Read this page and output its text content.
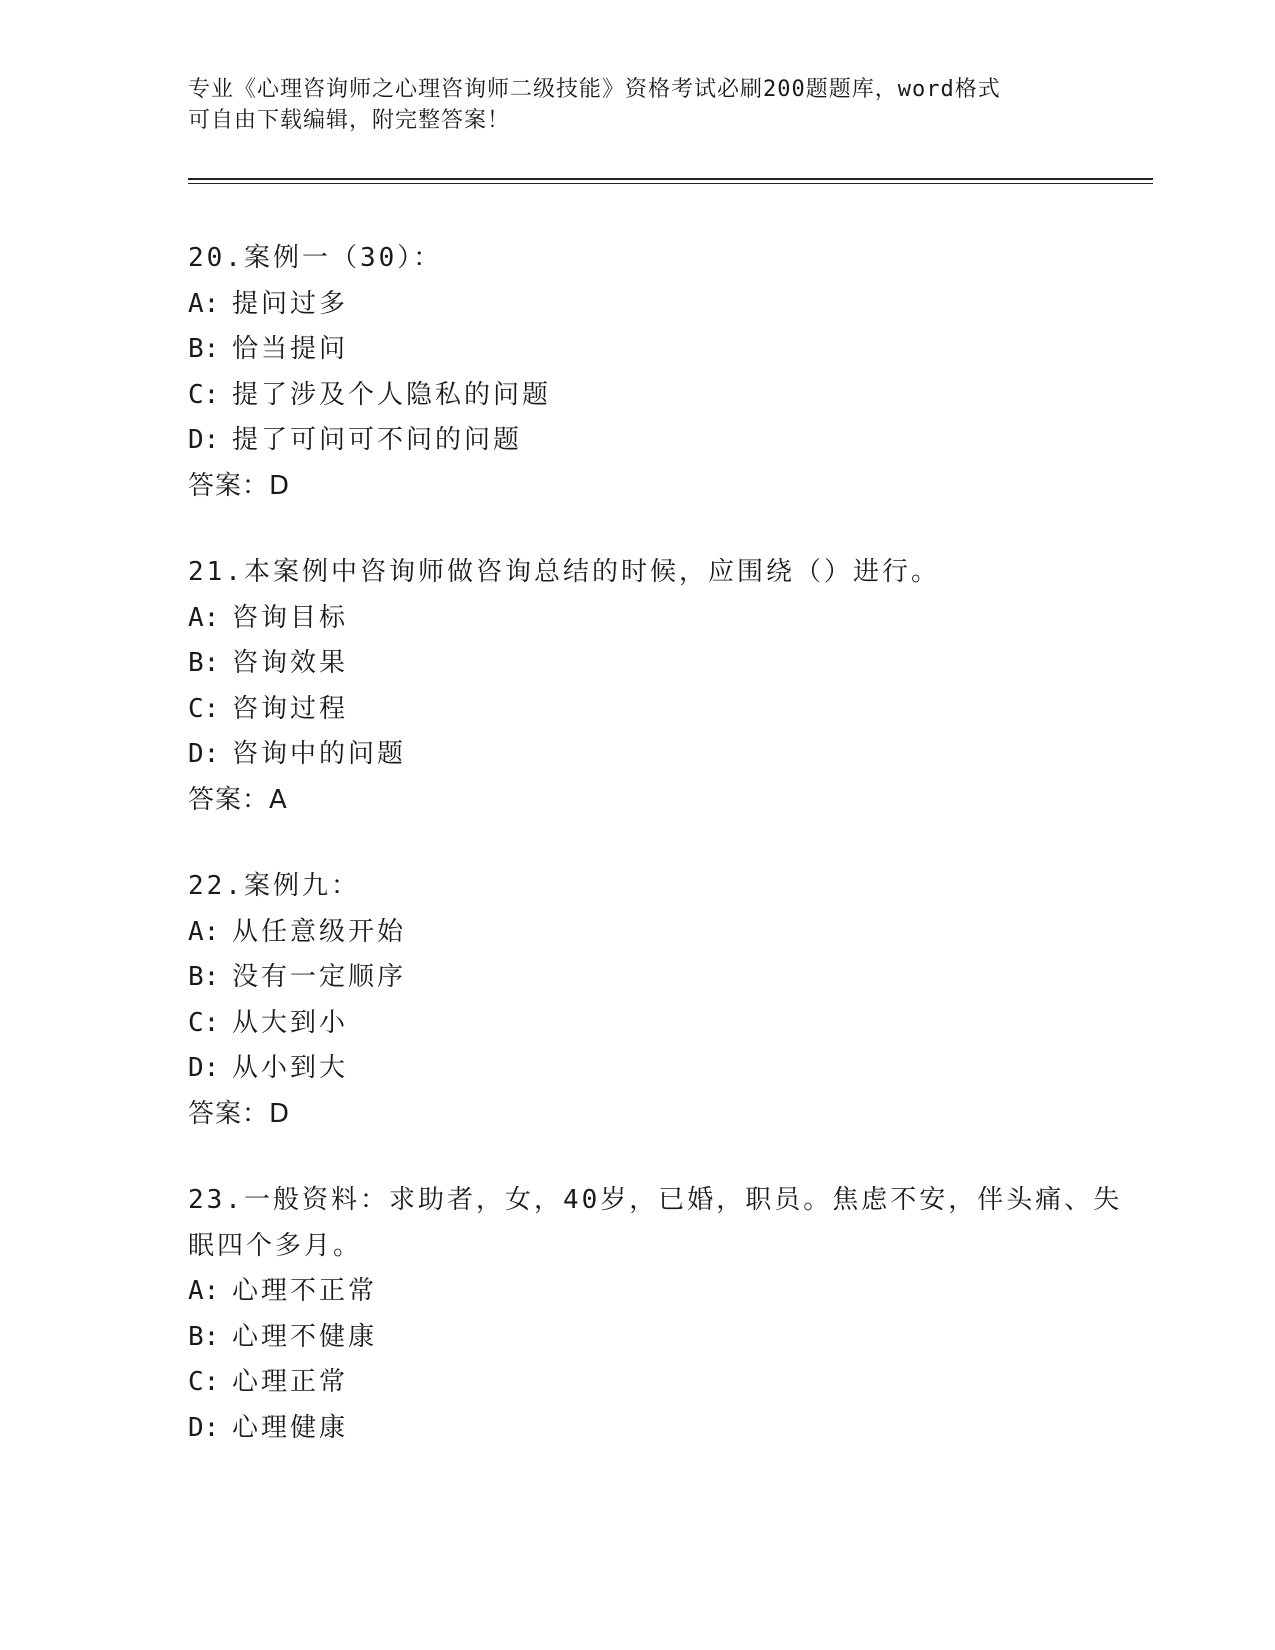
专业《心理咨询师之心理咨询师二级技能》资格考试必刷200题题库，word格式
可自由下载编辑，附完整答案！
20.案例一（30）：
A: 提问过多
B: 恰当提问
C: 提了涉及个人隐私的问题
D: 提了可问可不问的问题
答案：D
21.本案例中咨询师做咨询总结的时候，应围绕（）进行。
A: 咨询目标
B: 咨询效果
C: 咨询过程
D: 咨询中的问题
答案：A
22.案例九：
A: 从任意级开始
B: 没有一定顺序
C: 从大到小
D: 从小到大
答案：D
23.一般资料：求助者，女，40岁，已婚，职员。焦虑不安，伴头痛、失眠四个多月。
A: 心理不正常
B: 心理不健康
C: 心理正常
D: 心理健康
